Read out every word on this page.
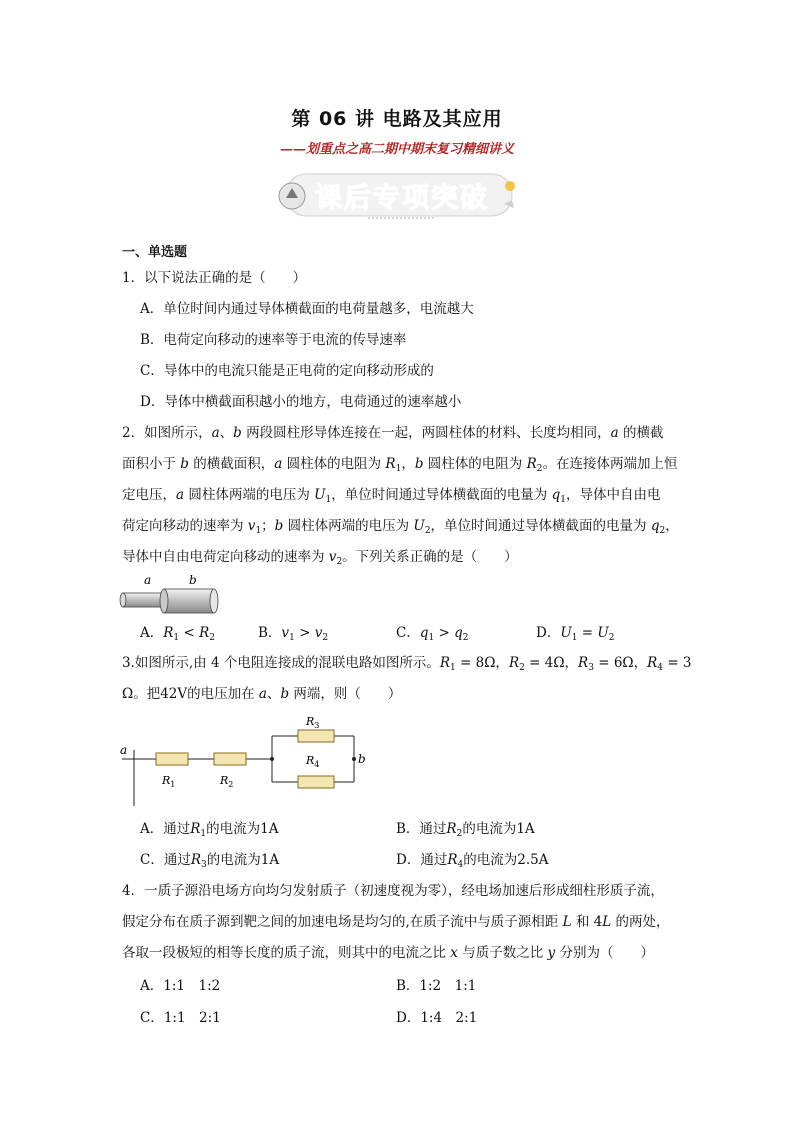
第 06 讲 电路及其应用
——划重点之高二期中期末复习精细讲义
课后专项突破
一、单选题
1．以下说法正确的是（　　）
A．单位时间内通过导体横截面的电荷量越多，电流越大
B．电荷定向移动的速率等于电流的传导速率
C．导体中的电流只能是正电荷的定向移动形成的
D．导体中横截面积越小的地方，电荷通过的速率越小
2．如图所示，a、b 两段圆柱形导体连接在一起，两圆柱体的材料、长度均相同，a 的横截
面积小于 b 的横截面积，a 圆柱体的电阻为 $R_1$，b 圆柱体的电阻为 $R_2$。在连接体两端加上恒
定电压，a 圆柱体两端的电压为 $U_1$，单位时间通过导体横截面的电量为 $q_1$，导体中自由电
荷定向移动的速率为 $v_1$；b 圆柱体两端的电压为 $U_2$，单位时间通过导体横截面的电量为 $q_2$，
导体中自由电荷定向移动的速率为 $v_2$。下列关系正确的是（　　）
a	b
A．$R_1 < R_2$	B．$v_1 > v_2$	C．$q_1 > q_2$	D．$U_1 = U_2$
3.如图所示,由 4 个电阻连接成的混联电路如图所示。$R_1 = 8\Omega$，$R_2 = 4\Omega$，$R_3 = 6\Omega$，$R_4 = 3$
Ω。把42V的电压加在 a、b 两端，则（　　）
a
b
$R_1$	$R_2$
$R_3$
$R_4$
A．通过$R_1$的电流为1A	B．通过$R_2$的电流为1A
C．通过$R_3$的电流为1A	D．通过$R_4$的电流为2.5A
4．一质子源沿电场方向均匀发射质子（初速度视为零），经电场加速后形成细柱形质子流，
假定分布在质子源到靶之间的加速电场是均匀的,在质子流中与质子源相距 L 和 4L 的两处，
各取一段极短的相等长度的质子流，则其中的电流之比 x 与质子数之比 y 分别为（　　）
A．1:1　1:2	B．1:2　1:1
C．1:1　2:1	D．1:4　2:1
